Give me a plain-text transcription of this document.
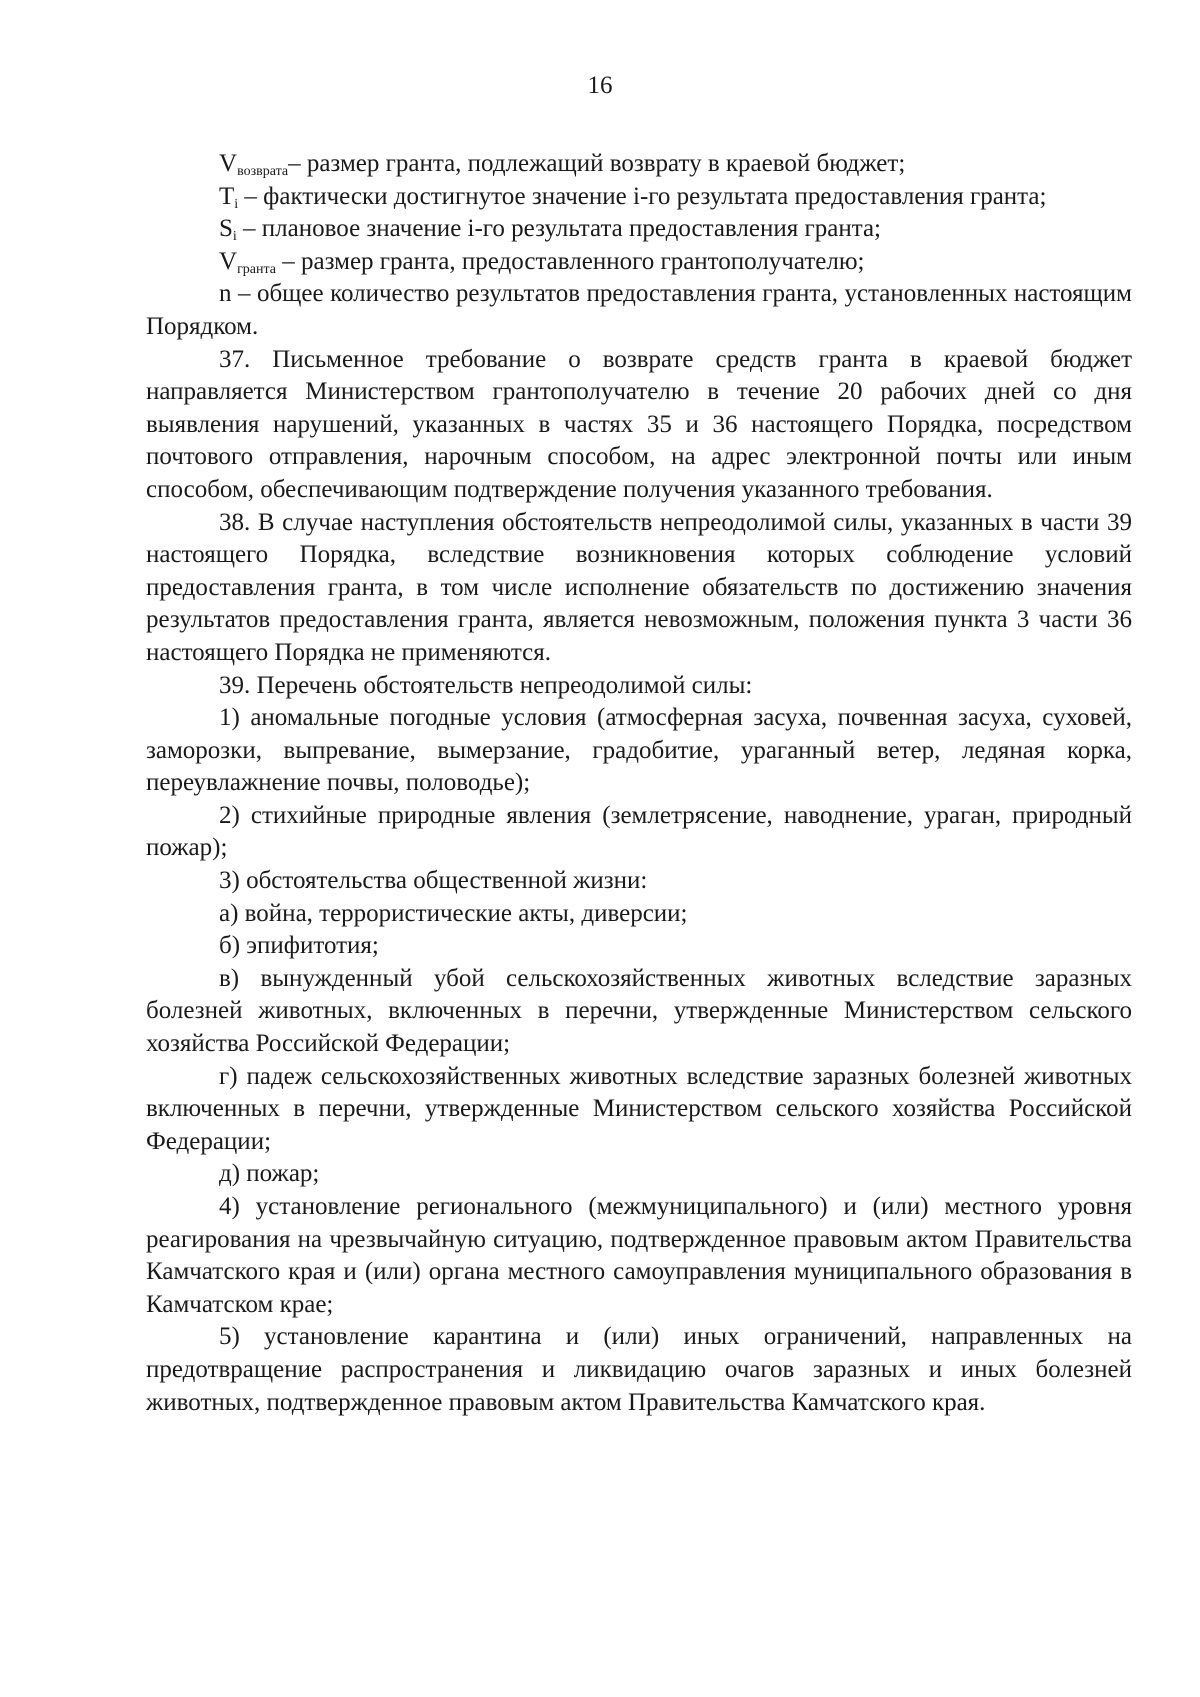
16

$V_{возврата}-$ размер гранта, подлежащий возврату в краевой бюджет;

$T_i$ – фактически достигнутое значение i-го результата предоставления гранта;

$S_i$ – плановое значение i-го результата предоставления гранта;

$V_{гранта}$ – размер гранта, предоставленного грантополучателю;

n – общее количество результатов предоставления гранта, установленных настоящим Порядком.

37. Письменное требование о возврате средств гранта в краевой бюджет направляется Министерством грантополучателю в течение 20 рабочих дней со дня выявления нарушений, указанных в частях 35 и 36 настоящего Порядка, посредством почтового отправления, нарочным способом, на адрес электронной почты или иным способом, обеспечивающим подтверждение получения указанного требования.

38. В случае наступления обстоятельств непреодолимой силы, указанных в части 39 настоящего Порядка, вследствие возникновения которых соблюдение условий предоставления гранта, в том числе исполнение обязательств по достижению значения результатов предоставления гранта, является невозможным, положения пункта 3 части 36 настоящего Порядка не применяются.

39. Перечень обстоятельств непреодолимой силы:

1) аномальные погодные условия (атмосферная засуха, почвенная засуха, суховей, заморозки, выпревание, вымерзание, градобитие, ураганный ветер, ледяная корка, переувлажнение почвы, половодье);

2) стихийные природные явления (землетрясение, наводнение, ураган, природный пожар);

3) обстоятельства общественной жизни:

а) война, террористические акты, диверсии;

б) эпифитотия;

в) вынужденный убой сельскохозяйственных животных вследствие заразных болезней животных, включенных в перечни, утвержденные Министерством сельского хозяйства Российской Федерации;

г) падеж сельскохозяйственных животных вследствие заразных болезней животных включенных в перечни, утвержденные Министерством сельского хозяйства Российской Федерации;

д) пожар;

4) установление регионального (межмуниципального) и (или) местного уровня реагирования на чрезвычайную ситуацию, подтвержденное правовым актом Правительства Камчатского края и (или) органа местного самоуправления муниципального образования в Камчатском крае;

5) установление карантина и (или) иных ограничений, направленных на предотвращение распространения и ликвидацию очагов заразных и иных болезней животных, подтвержденное правовым актом Правительства Камчатского края.
